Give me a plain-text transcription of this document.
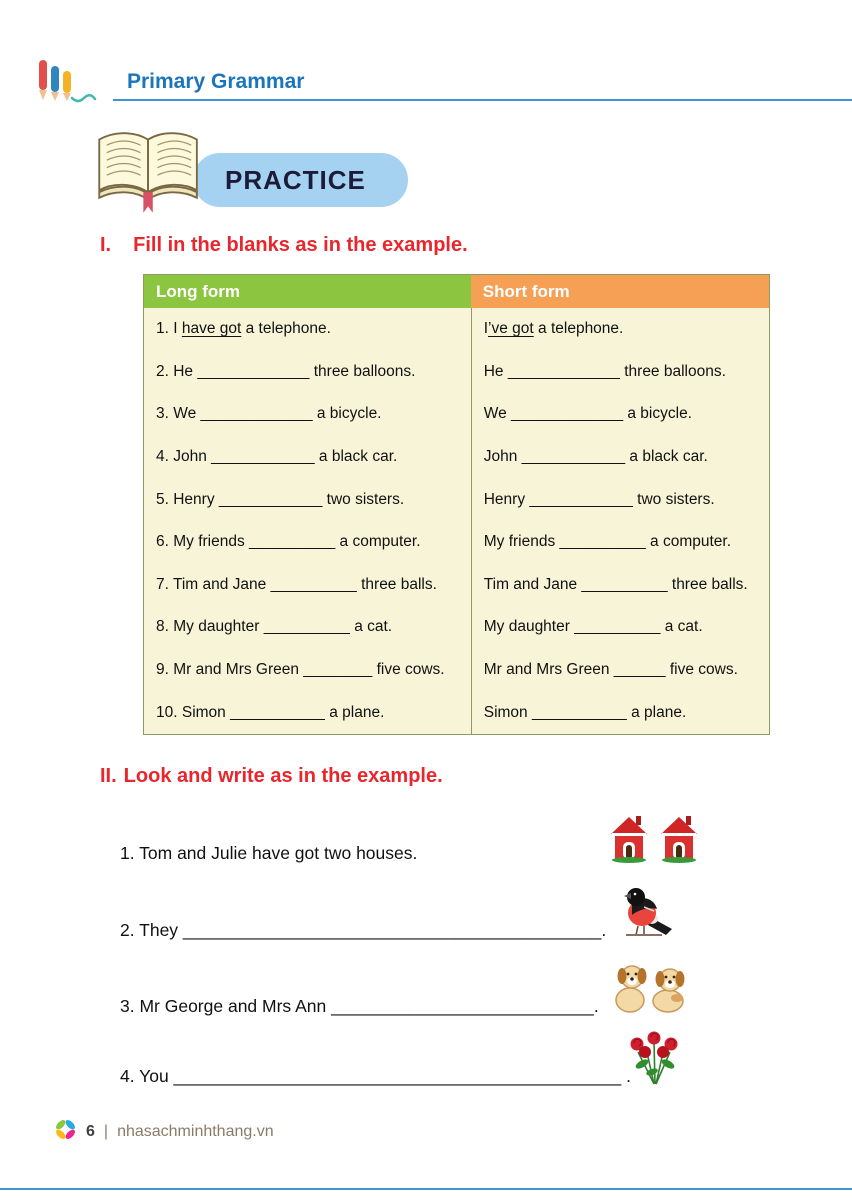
Primary Grammar
PRACTICE
I. Fill in the blanks as in the example.
Long form	Short form
1. I have got a telephone.
2. He _____________ three balloons.
3. We _____________ a bicycle.
4. John ____________ a black car.
5. Henry ____________ two sisters.
6. My friends __________ a computer.
7. Tim and Jane __________ three balls.
8. My daughter __________ a cat.
9. Mr and Mrs Green ________ five cows.
10. Simon ___________ a plane.
I ’ve got a telephone.
He _____________ three balloons.
We _____________ a bicycle.
John ____________ a black car.
Henry ____________ two sisters.
My friends __________ a computer.
Tim and Jane __________ three balls.
My daughter __________ a cat.
Mr and Mrs Green ______ five cows.
Simon ___________ a plane.
II. Look and write as in the example.
1. Tom and Julie have got two houses.
2. They ___________________________________________.
3. Mr George and Mrs Ann ___________________________.
4. You ______________________________________________ .
6 | nhasachminhthang.vn
